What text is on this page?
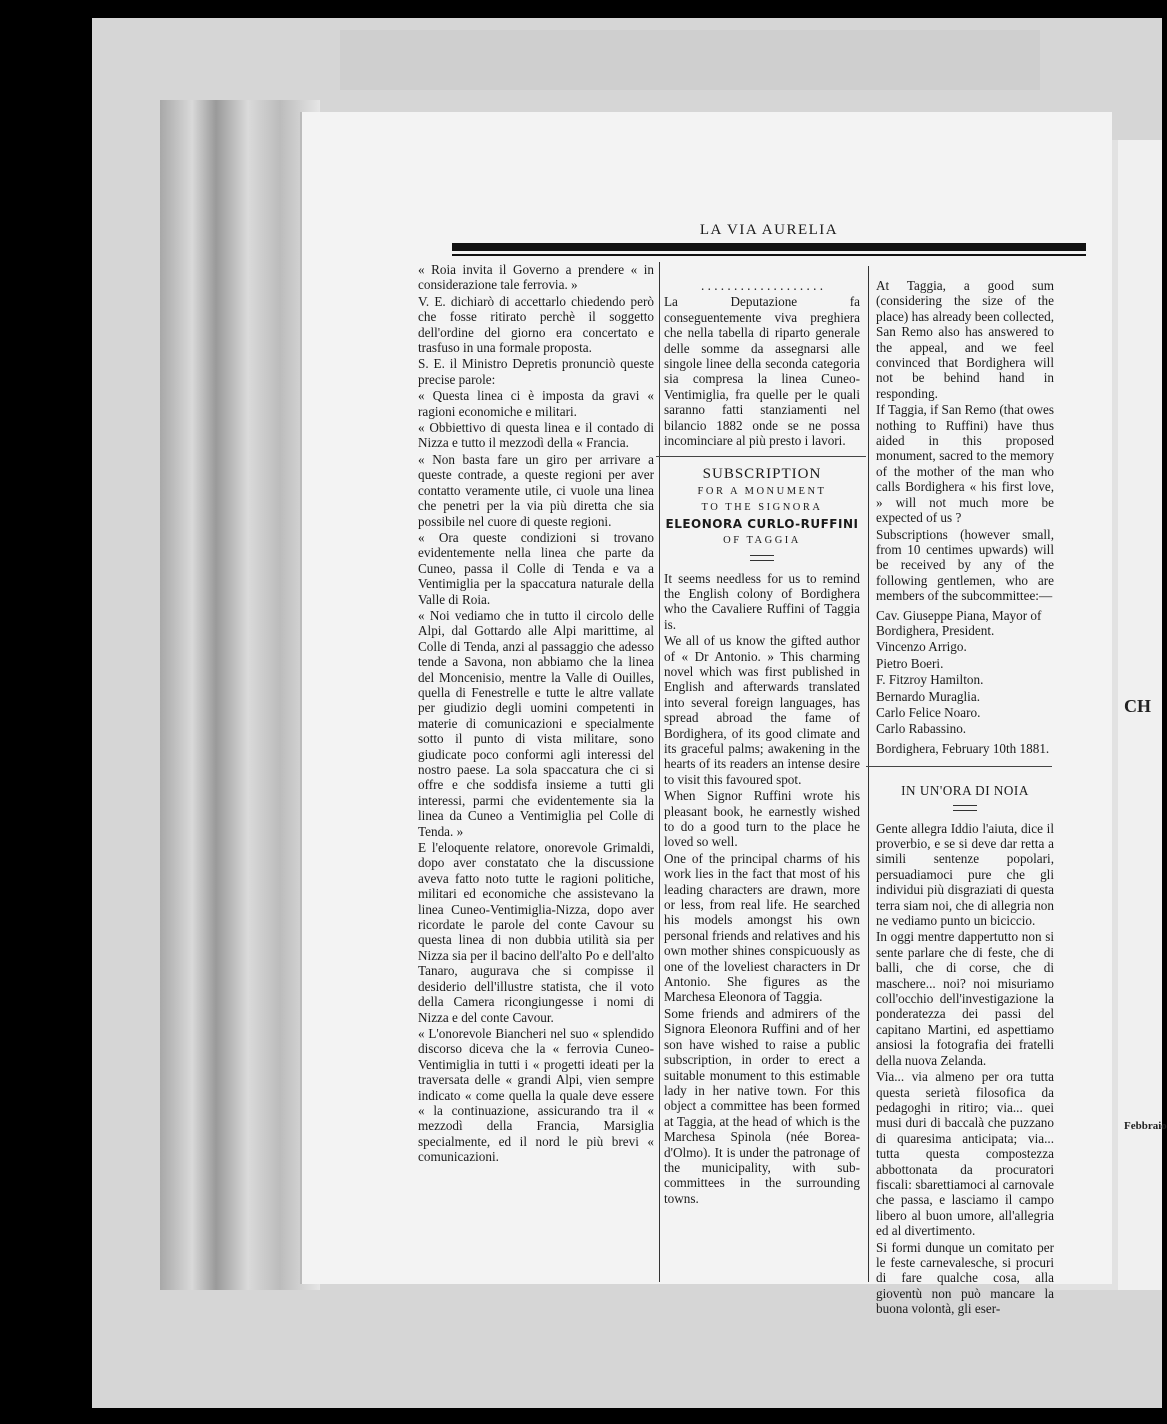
CH
Febbraio
LA VIA AURELIA

« Roia invita il Governo a prendere « in considerazione tale ferrovia. »

V. E. dichiarò di accettarlo chiedendo però che fosse ritirato perchè il soggetto dell'ordine del giorno era concertato e trasfuso in una formale proposta.

S. E. il Ministro Depretis pronunciò queste precise parole:

« Questa linea ci è imposta da gravi « ragioni economiche e militari.

« Obbiettivo di questa linea e il contado di Nizza e tutto il mezzodì della « Francia.

« Non basta fare un giro per arrivare a queste contrade, a queste regioni per aver contatto veramente utile, ci vuole una linea che penetri per la via più diretta che sia possibile nel cuore di queste regioni.

« Ora queste condizioni si trovano evidentemente nella linea che parte da Cuneo, passa il Colle di Tenda e va a Ventimiglia per la spaccatura naturale della Valle di Roia.

« Noi vediamo che in tutto il circolo delle Alpi, dal Gottardo alle Alpi marittime, al Colle di Tenda, anzi al passaggio che adesso tende a Savona, non abbiamo che la linea del Moncenisio, mentre la Valle di Ouilles, quella di Fenestrelle e tutte le altre vallate per giudizio degli uomini competenti in materie di comunicazioni e specialmente sotto il punto di vista militare, sono giudicate poco conformi agli interessi del nostro paese. La sola spaccatura che ci si offre e che soddisfa insieme a tutti gli interessi, parmi che evidentemente sia la linea da Cuneo a Ventimiglia pel Colle di Tenda. »

E l'eloquente relatore, onorevole Grimaldi, dopo aver constatato che la discussione aveva fatto noto tutte le ragioni politiche, militari ed economiche che assistevano la linea Cuneo-Ventimiglia-Nizza, dopo aver ricordate le parole del conte Cavour su questa linea di non dubbia utilità sia per Nizza sia per il bacino dell'alto Po e dell'alto Tanaro, augurava che si compisse il desiderio dell'illustre statista, che il voto della Camera ricongiungesse i nomi di Nizza e del conte Cavour.

« L'onorevole Biancheri nel suo « splendido discorso diceva che la « ferrovia Cuneo-Ventimiglia in tutti i « progetti ideati per la traversata delle « grandi Alpi, vien sempre indicato « come quella la quale deve essere « la continuazione, assicurando tra il « mezzodì della Francia, Marsiglia specialmente, ed il nord le più brevi « comunicazioni.

. . . . . . . . . . . . . . . . . . .

La Deputazione fa conseguentemente viva preghiera che nella tabella di riparto generale delle somme da assegnarsi alle singole linee della seconda categoria sia compresa la linea Cuneo-Ventimiglia, fra quelle per le quali saranno fatti stanziamenti nel bilancio 1882 onde se ne possa incominciare al più presto i lavori.

SUBSCRIPTION

FOR A MONUMENT

TO THE SIGNORA

ELEONORA CURLO-RUFFINI

OF TAGGIA

It seems needless for us to remind the English colony of Bordighera who the Cavaliere Ruffini of Taggia is.

We all of us know the gifted author of « Dr Antonio. » This charming novel which was first published in English and afterwards translated into several foreign languages, has spread abroad the fame of Bordighera, of its good climate and its graceful palms; awakening in the hearts of its readers an intense desire to visit this favoured spot.

When Signor Ruffini wrote his pleasant book, he earnestly wished to do a good turn to the place he loved so well.

One of the principal charms of his work lies in the fact that most of his leading characters are drawn, more or less, from real life. He searched his models amongst his own personal friends and relatives and his own mother shines conspicuously as one of the loveliest characters in Dr Antonio. She figures as the Marchesa Eleonora of Taggia.

Some friends and admirers of the Signora Eleonora Ruffini and of her son have wished to raise a public subscription, in order to erect a suitable monument to this estimable lady in her native town. For this object a committee has been formed at Taggia, at the head of which is the Marchesa Spinola (née Borea-d'Olmo). It is under the patronage of the municipality, with sub-committees in the surrounding towns.

At Taggia, a good sum (considering the size of the place) has already been collected, San Remo also has answered to the appeal, and we feel convinced that Bordighera will not be behind hand in responding.

If Taggia, if San Remo (that owes nothing to Ruffini) have thus aided in this proposed monument, sacred to the memory of the mother of the man who calls Bordighera « his first love, » will not much more be expected of us ?

Subscriptions (however small, from 10 centimes upwards) will be received by any of the following gentlemen, who are members of the subcommittee:—

Cav. Giuseppe Piana, Mayor of Bordighera, President.

Vincenzo Arrigo.

Pietro Boeri.

F. Fitzroy Hamilton.

Bernardo Muraglia.

Carlo Felice Noaro.

Carlo Rabassino.

Bordighera, February 10th 1881.

IN UN'ORA DI NOIA

Gente allegra Iddio l'aiuta, dice il proverbio, e se si deve dar retta a simili sentenze popolari, persuadiamoci pure che gli individui più disgraziati di questa terra siam noi, che di allegria non ne vediamo punto un biciccio.

In oggi mentre dappertutto non si sente parlare che di feste, che di balli, che di corse, che di maschere... noi? noi misuriamo coll'occhio dell'investigazione la ponderatezza dei passi del capitano Martini, ed aspettiamo ansiosi la fotografia dei fratelli della nuova Zelanda.

Via... via almeno per ora tutta questa serietà filosofica da pedagoghi in ritiro; via... quei musi duri di baccalà che puzzano di quaresima anticipata; via... tutta questa compostezza abbottonata da procuratori fiscali: sbarettiamoci al carnovale che passa, e lasciamo il campo libero al buon umore, all'allegria ed al divertimento.

Si formi dunque un comitato per le feste carnevalesche, si procuri di fare qualche cosa, alla gioventù non può mancare la buona volontà, gli eser-
